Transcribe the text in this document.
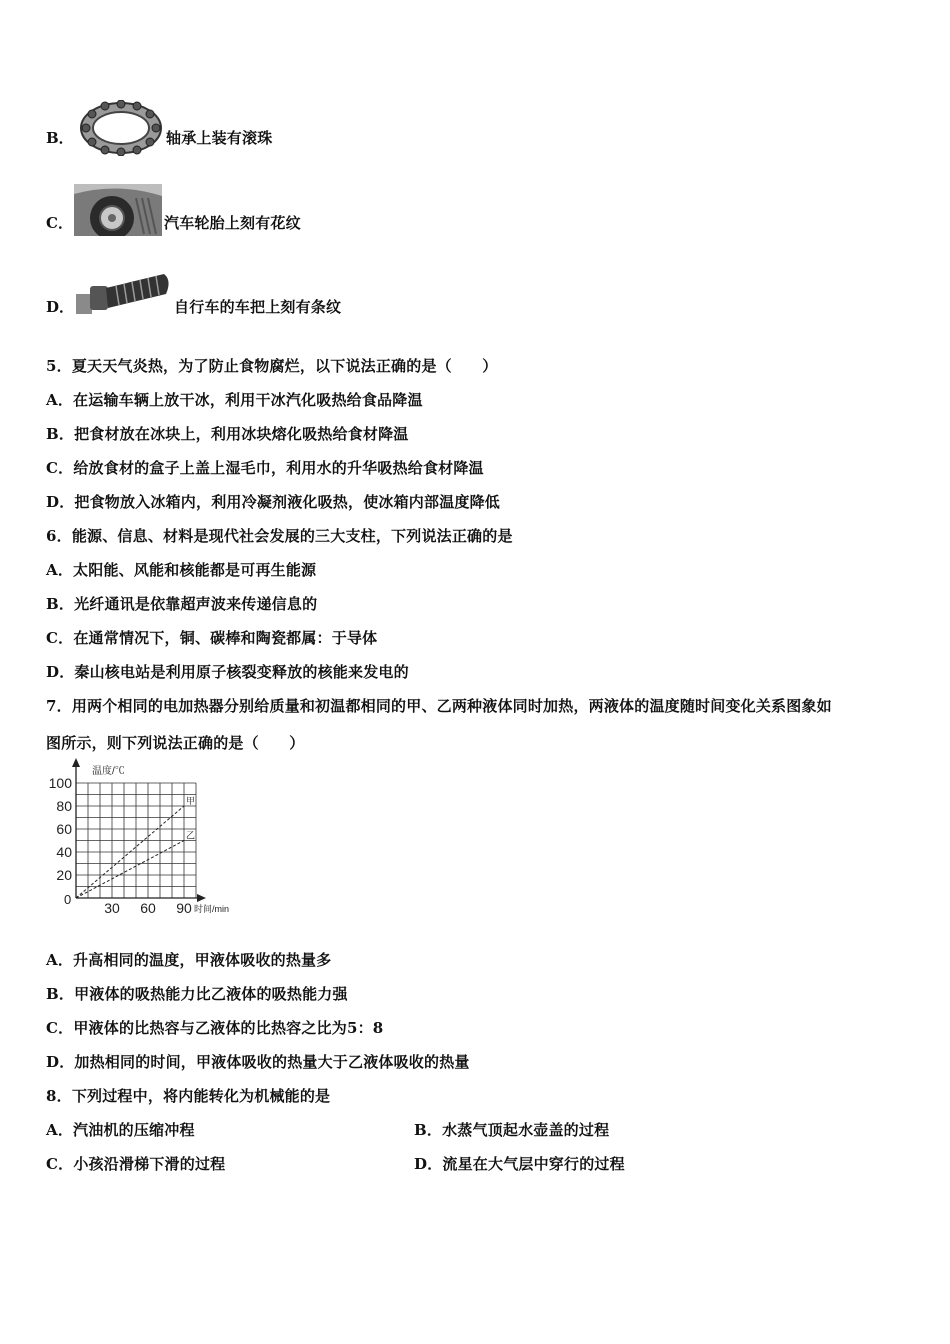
B．	轴承上装有滚珠
C．	汽车轮胎上刻有花纹
D．	自行车的车把上刻有条纹
5．夏天天气炎热，为了防止食物腐烂，以下说法正确的是（　　）
A．在运输车辆上放干冰，利用干冰汽化吸热给食品降温
B．把食材放在冰块上，利用冰块熔化吸热给食材降温
C．给放食材的盒子上盖上湿毛巾，利用水的升华吸热给食材降温
D．把食物放入冰箱内，利用冷凝剂液化吸热，使冰箱内部温度降低
6．能源、信息、材料是现代社会发展的三大支柱，下列说法正确的是
A．太阳能、风能和核能都是可再生能源
B．光纤通讯是依靠超声波来传递信息的
C．在通常情况下，铜、碳棒和陶瓷都属：于导体
D．秦山核电站是利用原子核裂变释放的核能来发电的
7．用两个相同的电加热器分别给质量和初温都相同的甲、乙两种液体同时加热，两液体的温度随时间变化关系图象如
图所示，则下列说法正确的是（　　）
温度/℃
时间/min
0
100
80
60
40
20
30 60 90
甲
乙
A．升高相同的温度，甲液体吸收的热量多
B．甲液体的吸热能力比乙液体的吸热能力强
C．甲液体的比热容与乙液体的比热容之比为5：8
D．加热相同的时间，甲液体吸收的热量大于乙液体吸收的热量
8．下列过程中，将内能转化为机械能的是
A．汽油机的压缩冲程	B．水蒸气顶起水壶盖的过程
C．小孩沿滑梯下滑的过程	D．流星在大气层中穿行的过程
